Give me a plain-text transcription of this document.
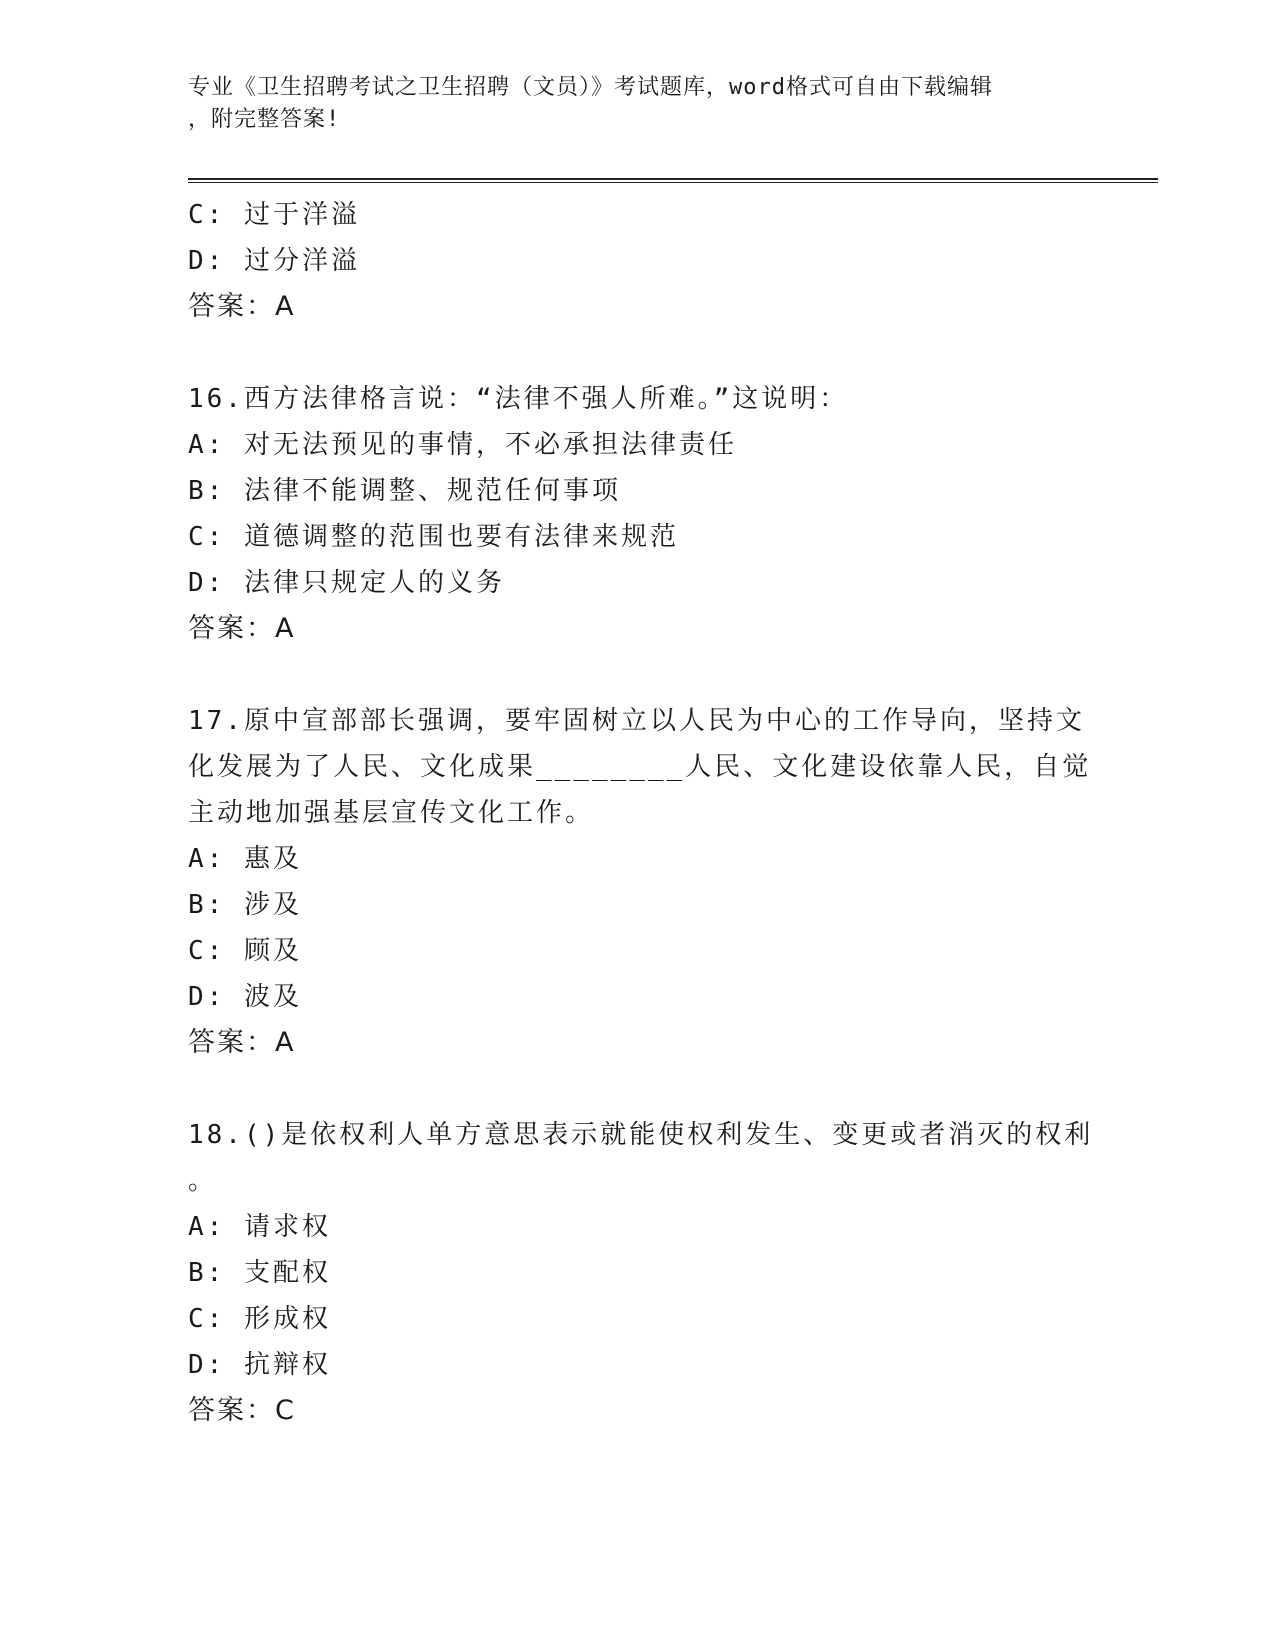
专业《卫生招聘考试之卫生招聘（文员）》考试题库，word格式可自由下载编辑
，附完整答案!
C: 过于洋溢
D: 过分洋溢
答案：A
16.西方法律格言说：“法律不强人所难。”这说明：
A: 对无法预见的事情，不必承担法律责任
B: 法律不能调整、规范任何事项
C: 道德调整的范围也要有法律来规范
D: 法律只规定人的义务
答案：A
17.原中宣部部长强调，要牢固树立以人民为中心的工作导向，坚持文
化发展为了人民、文化成果________人民、文化建设依靠人民，自觉
主动地加强基层宣传文化工作。
A: 惠及
B: 涉及
C: 顾及
D: 波及
答案：A
18.()是依权利人单方意思表示就能使权利发生、变更或者消灭的权利
。
A: 请求权
B: 支配权
C: 形成权
D: 抗辩权
答案：C
